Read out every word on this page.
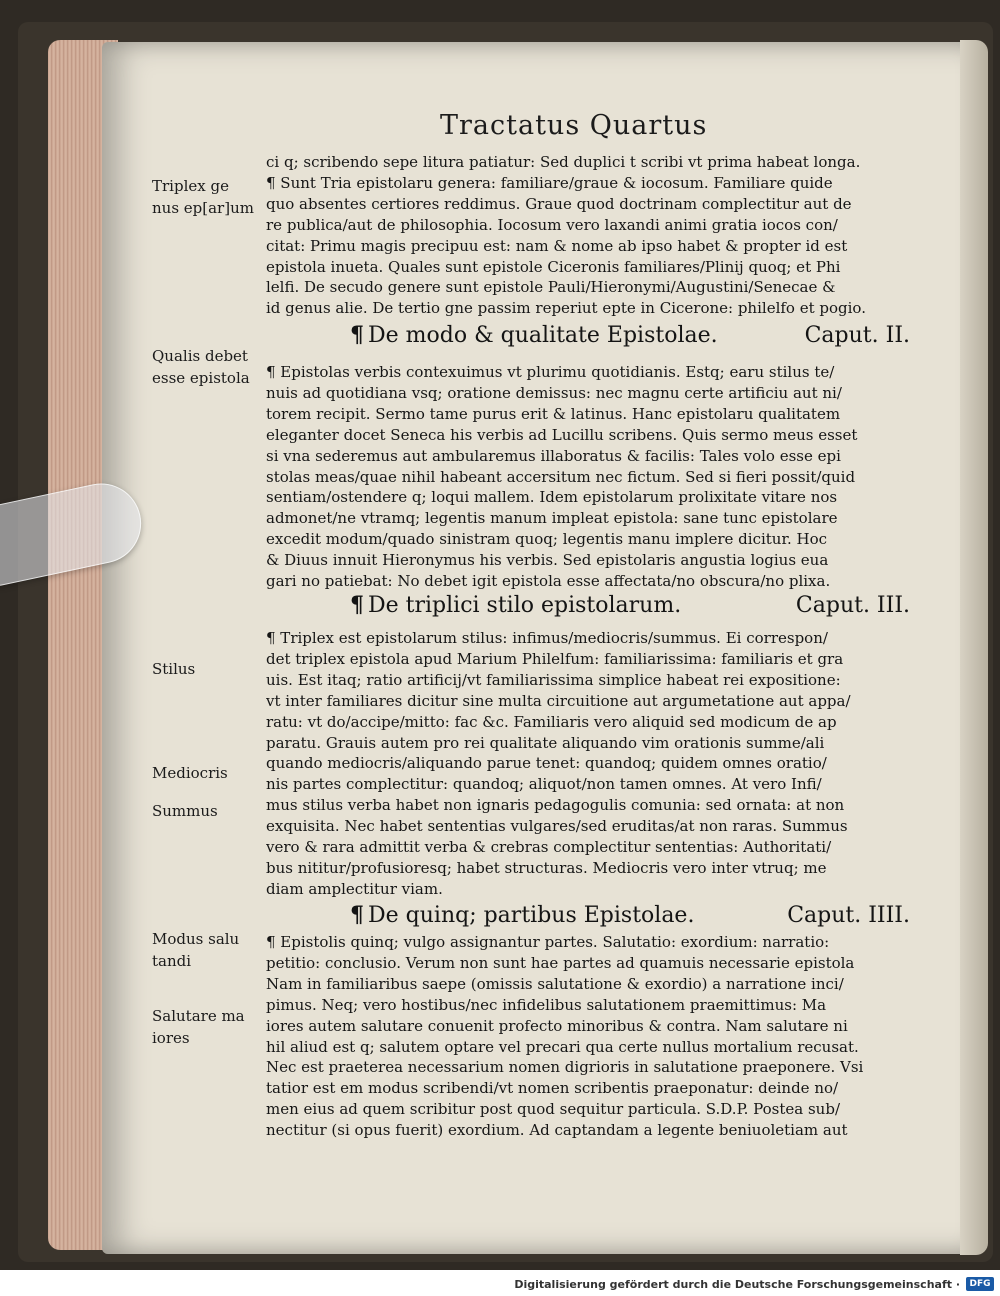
Tractatus Quartus
Triplex ge
nus ep[ar]um
Qualis debet
esse epistola
Stilus
Mediocris
Summus
Modus salu
tandi
Salutare ma
iores
ci q; scribendo sepe litura patiatur: Sed duplici t scribi vt prima habeat longa.
¶ Sunt Tria epistolaru genera: familiare/graue & iocosum. Familiare quide
quo absentes certiores reddimus. Graue quod doctrinam complectitur aut de
re publica/aut de philosophia. Iocosum vero laxandi animi gratia iocos con/
citat: Primu magis precipuu est: nam & nome ab ipso habet & propter id est
epistola inueta. Quales sunt epistole Ciceronis familiares/Plinij quoq; et Phi
lelfi. De secudo genere sunt epistole Pauli/Hieronymi/Augustini/Senecae &
id genus alie. De tertio gne passim reperiut epte in Cicerone: philelfo et pogio.
¶ De modo & qualitate Epistolae.	Caput. II.
¶ Epistolas verbis contexuimus vt plurimu quotidianis. Estq; earu stilus te/
nuis ad quotidiana vsq; oratione demissus: nec magnu certe artificiu aut ni/
torem recipit. Sermo tame purus erit & latinus. Hanc epistolaru qualitatem
eleganter docet Seneca his verbis ad Lucillu scribens. Quis sermo meus esset
si vna sederemus aut ambularemus illaboratus & facilis: Tales volo esse epi
stolas meas/quae nihil habeant accersitum nec fictum. Sed si fieri possit/quid
sentiam/ostendere q; loqui mallem. Idem epistolarum prolixitate vitare nos
admonet/ne vtramq; legentis manum impleat epistola: sane tunc epistolare
excedit modum/quado sinistram quoq; legentis manu implere dicitur. Hoc
& Diuus innuit Hieronymus his verbis. Sed epistolaris angustia logius eua
gari no patiebat: No debet igit epistola esse affectata/no obscura/no plixa.
¶ De triplici stilo epistolarum.	Caput. III.
¶ Triplex est epistolarum stilus: infimus/mediocris/summus. Ei correspon/
det triplex epistola apud Marium Philelfum: familiarissima: familiaris et gra
uis. Est itaq; ratio artificij/vt familiarissima simplice habeat rei expositione:
vt inter familiares dicitur sine multa circuitione aut argumetatione aut appa/
ratu: vt do/accipe/mitto: fac &c. Familiaris vero aliquid sed modicum de ap
paratu. Grauis autem pro rei qualitate aliquando vim orationis summe/ali
quando mediocris/aliquando parue tenet: quandoq; quidem omnes oratio/
nis partes complectitur: quandoq; aliquot/non tamen omnes. At vero Infi/
mus stilus verba habet non ignaris pedagogulis comunia: sed ornata: at non
exquisita. Nec habet sententias vulgares/sed eruditas/at non raras. Summus
vero & rara admittit verba & crebras complectitur sententias: Authoritati/
bus nititur/profusioresq; habet structuras. Mediocris vero inter vtruq; me
diam amplectitur viam.
¶ De quinq; partibus Epistolae.	Caput. IIII.
¶ Epistolis quinq; vulgo assignantur partes. Salutatio: exordium: narratio:
petitio: conclusio. Verum non sunt hae partes ad quamuis necessarie epistola
Nam in familiaribus saepe (omissis salutatione & exordio) a narratione inci/
pimus. Neq; vero hostibus/nec infidelibus salutationem praemittimus: Ma
iores autem salutare conuenit profecto minoribus & contra. Nam salutare ni
hil aliud est q; salutem optare vel precari qua certe nullus mortalium recusat.
Nec est praeterea necessarium nomen digrioris in salutatione praeponere. Vsi
tatior est em modus scribendi/vt nomen scribentis praeponatur: deinde no/
men eius ad quem scribitur post quod sequitur particula. S.D.P. Postea sub/
nectitur (si opus fuerit) exordium. Ad captandam a legente beniuoletiam aut
Digitalisierung gefördert durch die Deutsche Forschungsgemeinschaft ·	DFG
